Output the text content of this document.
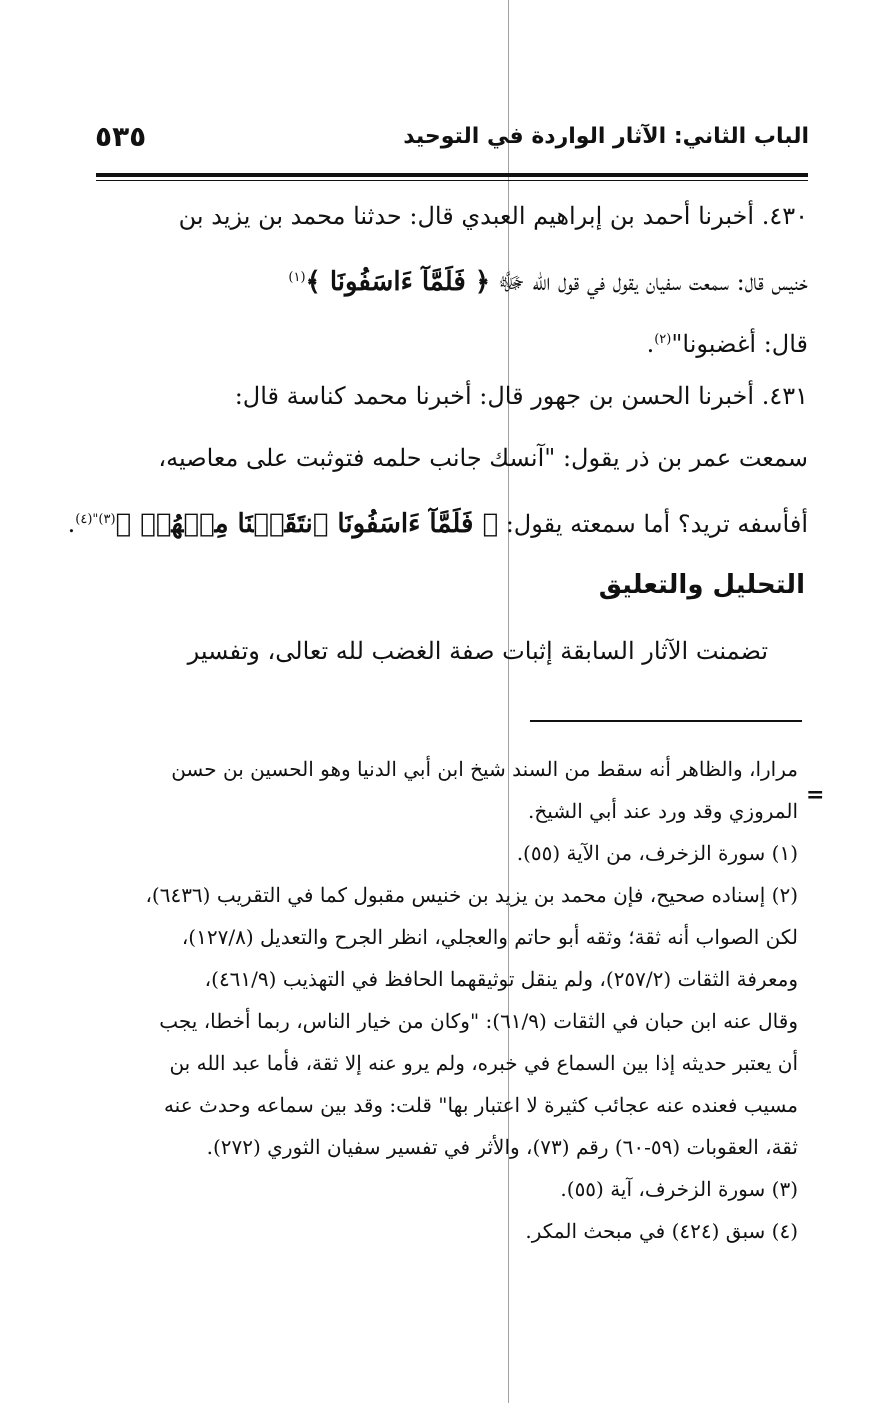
الباب الثاني: الآثار الواردة في التوحيد
٥٣٥
٤٣٠. أخبرنا أحمد بن إبراهيم العبدي قال: حدثنا محمد بن يزيد بن
خنيس قال: سمعت سفيان يقول في قول الله ﷻ ﴿ فَلَمَّآ ءَاسَفُونَا ﴾$^{(١)}$
قال: أغضبونا"$^{(٢)}$.
٤٣١. أخبرنا الحسن بن جهور قال: أخبرنا محمد كناسة قال:
سمعت عمر بن ذر يقول: "آنسك جانب حلمه فتوثبت على معاصيه،
أفأسفه تريد؟ أما سمعته يقول: ﴿ فَلَمَّآ ءَاسَفُونَا ٱنتَقَمۡنَا مِنۡهُمۡ ﴾$^{(٣)"(٤)}$.
التحليل والتعليق
تضمنت الآثار السابقة إثبات صفة الغضب لله تعالى، وتفسير
=
مرارا، والظاهر أنه سقط من السند شيخ ابن أبي الدنيا وهو الحسين بن حسن
المروزي وقد ورد عند أبي الشيخ.
(١) سورة الزخرف، من الآية (٥٥).
(٢) إسناده صحيح، فإن محمد بن يزيد بن خنيس مقبول كما في التقريب (٦٤٣٦)،
لكن الصواب أنه ثقة؛ وثقه أبو حاتم والعجلي، انظر الجرح والتعديل (١٢٧/٨)،
ومعرفة الثقات (٢٥٧/٢)، ولم ينقل توثيقهما الحافظ في التهذيب (٤٦١/٩)،
وقال عنه ابن حبان في الثقات (٦١/٩): "وكان من خيار الناس، ربما أخطا، يجب
أن يعتبر حديثه إذا بين السماع في خبره، ولم يرو عنه إلا ثقة، فأما عبد الله بن
مسيب فعنده عنه عجائب كثيرة لا اعتبار بها" قلت: وقد بين سماعه وحدث عنه
ثقة، العقوبات (٥٩-٦٠) رقم (٧٣)، والأثر في تفسير سفيان الثوري (٢٧٢).
(٣) سورة الزخرف، آية (٥٥).
(٤) سبق (٤٢٤) في مبحث المكر.
